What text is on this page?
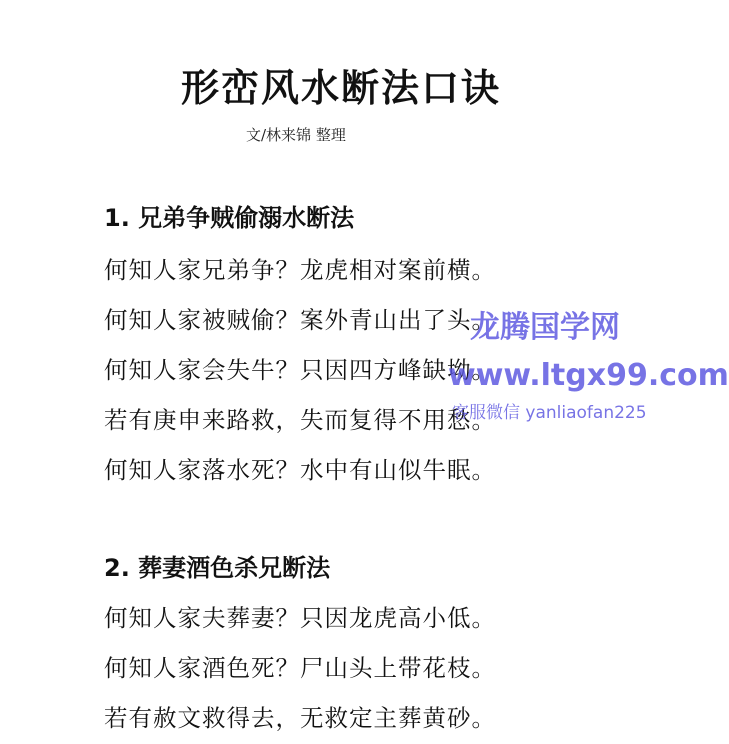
形峦风水断法口诀
文/林来锦 整理
1. 兄弟争贼偷溺水断法
何知人家兄弟争？龙虎相对案前横。
何知人家被贼偷？案外青山出了头。
何知人家会失牛？只因四方峰缺坳。
若有庚申来路救，失而复得不用愁。
何知人家落水死？水中有山似牛眠。
2. 葬妻酒色杀兄断法
何知人家夫葬妻？只因龙虎高小低。
何知人家酒色死？尸山头上带花枝。
若有赦文救得去，无救定主葬黄砂。
龙腾国学网
www.ltgx99.com
客服微信 yanliaofan225
